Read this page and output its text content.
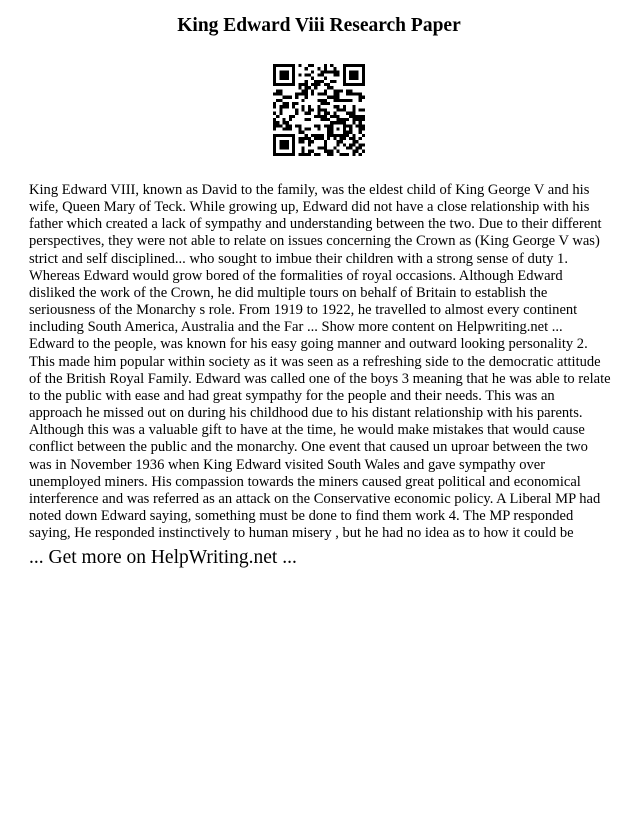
King Edward Viii Research Paper

King Edward VIII, known as David to the family, was the eldest child of King George V and his wife, Queen Mary of Teck. While growing up, Edward did not have a close relationship with his father which created a lack of sympathy and understanding between the two. Due to their different perspectives, they were not able to relate on issues concerning the Crown as (King George V was) strict and self disciplined... who sought to imbue their children with a strong sense of duty 1. Whereas Edward would grow bored of the formalities of royal occasions. Although Edward disliked the work of the Crown, he did multiple tours on behalf of Britain to establish the seriousness of the Monarchy s role. From 1919 to 1922, he travelled to almost every continent including South America, Australia and the Far ... Show more content on Helpwriting.net ...

Edward to the people, was known for his easy going manner and outward looking personality 2. This made him popular within society as it was seen as a refreshing side to the democratic attitude of the British Royal Family. Edward was called one of the boys 3 meaning that he was able to relate to the public with ease and had great sympathy for the people and their needs. This was an approach he missed out on during his childhood due to his distant relationship with his parents. Although this was a valuable gift to have at the time, he would make mistakes that would cause conflict between the public and the monarchy. One event that caused un uproar between the two was in November 1936 when King Edward visited South Wales and gave sympathy over unemployed miners. His compassion towards the miners caused great political and economical interference and was referred as an attack on the Conservative economic policy. A Liberal MP had noted down Edward saying, something must be done to find them work 4. The MP responded saying, He responded instinctively to human misery , but he had no idea as to how it could be

... Get more on HelpWriting.net ...
